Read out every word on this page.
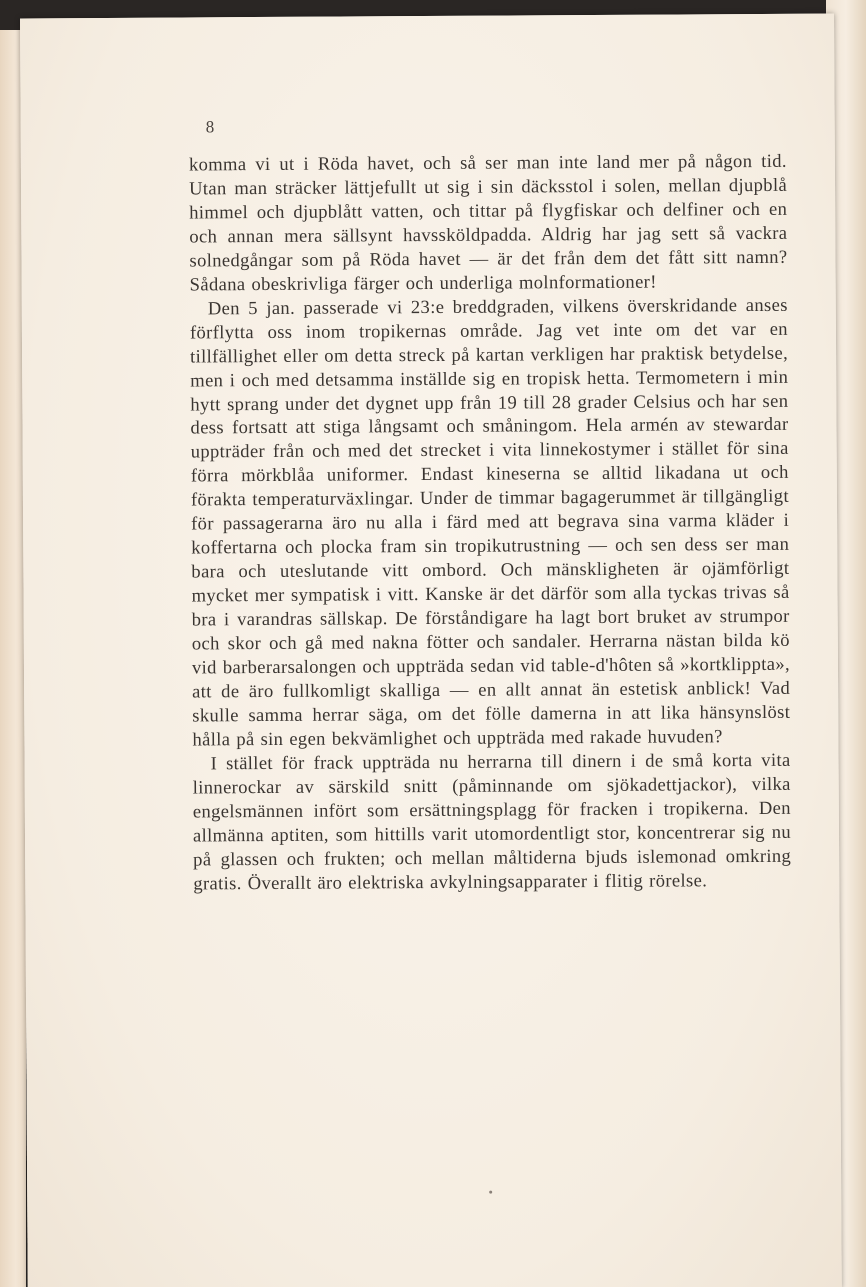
8

komma vi ut i Röda havet, och så ser man inte land mer på någon tid. Utan man sträcker lättjefullt ut sig i sin däcksstol i solen, mellan djupblå himmel och djupblått vatten, och tittar på flygfiskar och delfiner och en och annan mera sällsynt havssköldpadda. Aldrig har jag sett så vackra solnedgångar som på Röda havet — är det från dem det fått sitt namn? Sådana obeskrivliga färger och underliga molnformationer!

Den 5 jan. passerade vi 23:e breddgraden, vilkens överskridande anses förflytta oss inom tropikernas område. Jag vet inte om det var en tillfällighet eller om detta streck på kartan verkligen har praktisk betydelse, men i och med detsamma inställde sig en tropisk hetta. Termometern i min hytt sprang under det dygnet upp från 19 till 28 grader Celsius och har sen dess fortsatt att stiga långsamt och småningom. Hela armén av stewardar uppträder från och med det strecket i vita linnekostymer i stället för sina förra mörkblåa uniformer. Endast kineserna se alltid likadana ut och förakta temperaturväxlingar. Under de timmar bagagerummet är tillgängligt för passagerarna äro nu alla i färd med att begrava sina varma kläder i koffertarna och plocka fram sin tropikutrustning — och sen dess ser man bara och uteslutande vitt ombord. Och mänskligheten är ojämförligt mycket mer sympatisk i vitt. Kanske är det därför som alla tyckas trivas så bra i varandras sällskap. De förståndigare ha lagt bort bruket av strumpor och skor och gå med nakna fötter och sandaler. Herrarna nästan bilda kö vid barberarsalongen och uppträda sedan vid table-d'hôten så »kortklippta», att de äro fullkomligt skalliga — en allt annat än estetisk anblick! Vad skulle samma herrar säga, om det fölle damerna in att lika hänsynslöst hålla på sin egen bekvämlighet och uppträda med rakade huvuden?

I stället för frack uppträda nu herrarna till dinern i de små korta vita linnerockar av särskild snitt (påminnande om sjökadettjackor), vilka engelsmännen infört som ersättningsplagg för fracken i tropikerna. Den allmänna aptiten, som hittills varit utomordentligt stor, koncentrerar sig nu på glassen och frukten; och mellan måltiderna bjuds islemonad omkring gratis. Överallt äro elektriska avkylningsapparater i flitig rörelse.
